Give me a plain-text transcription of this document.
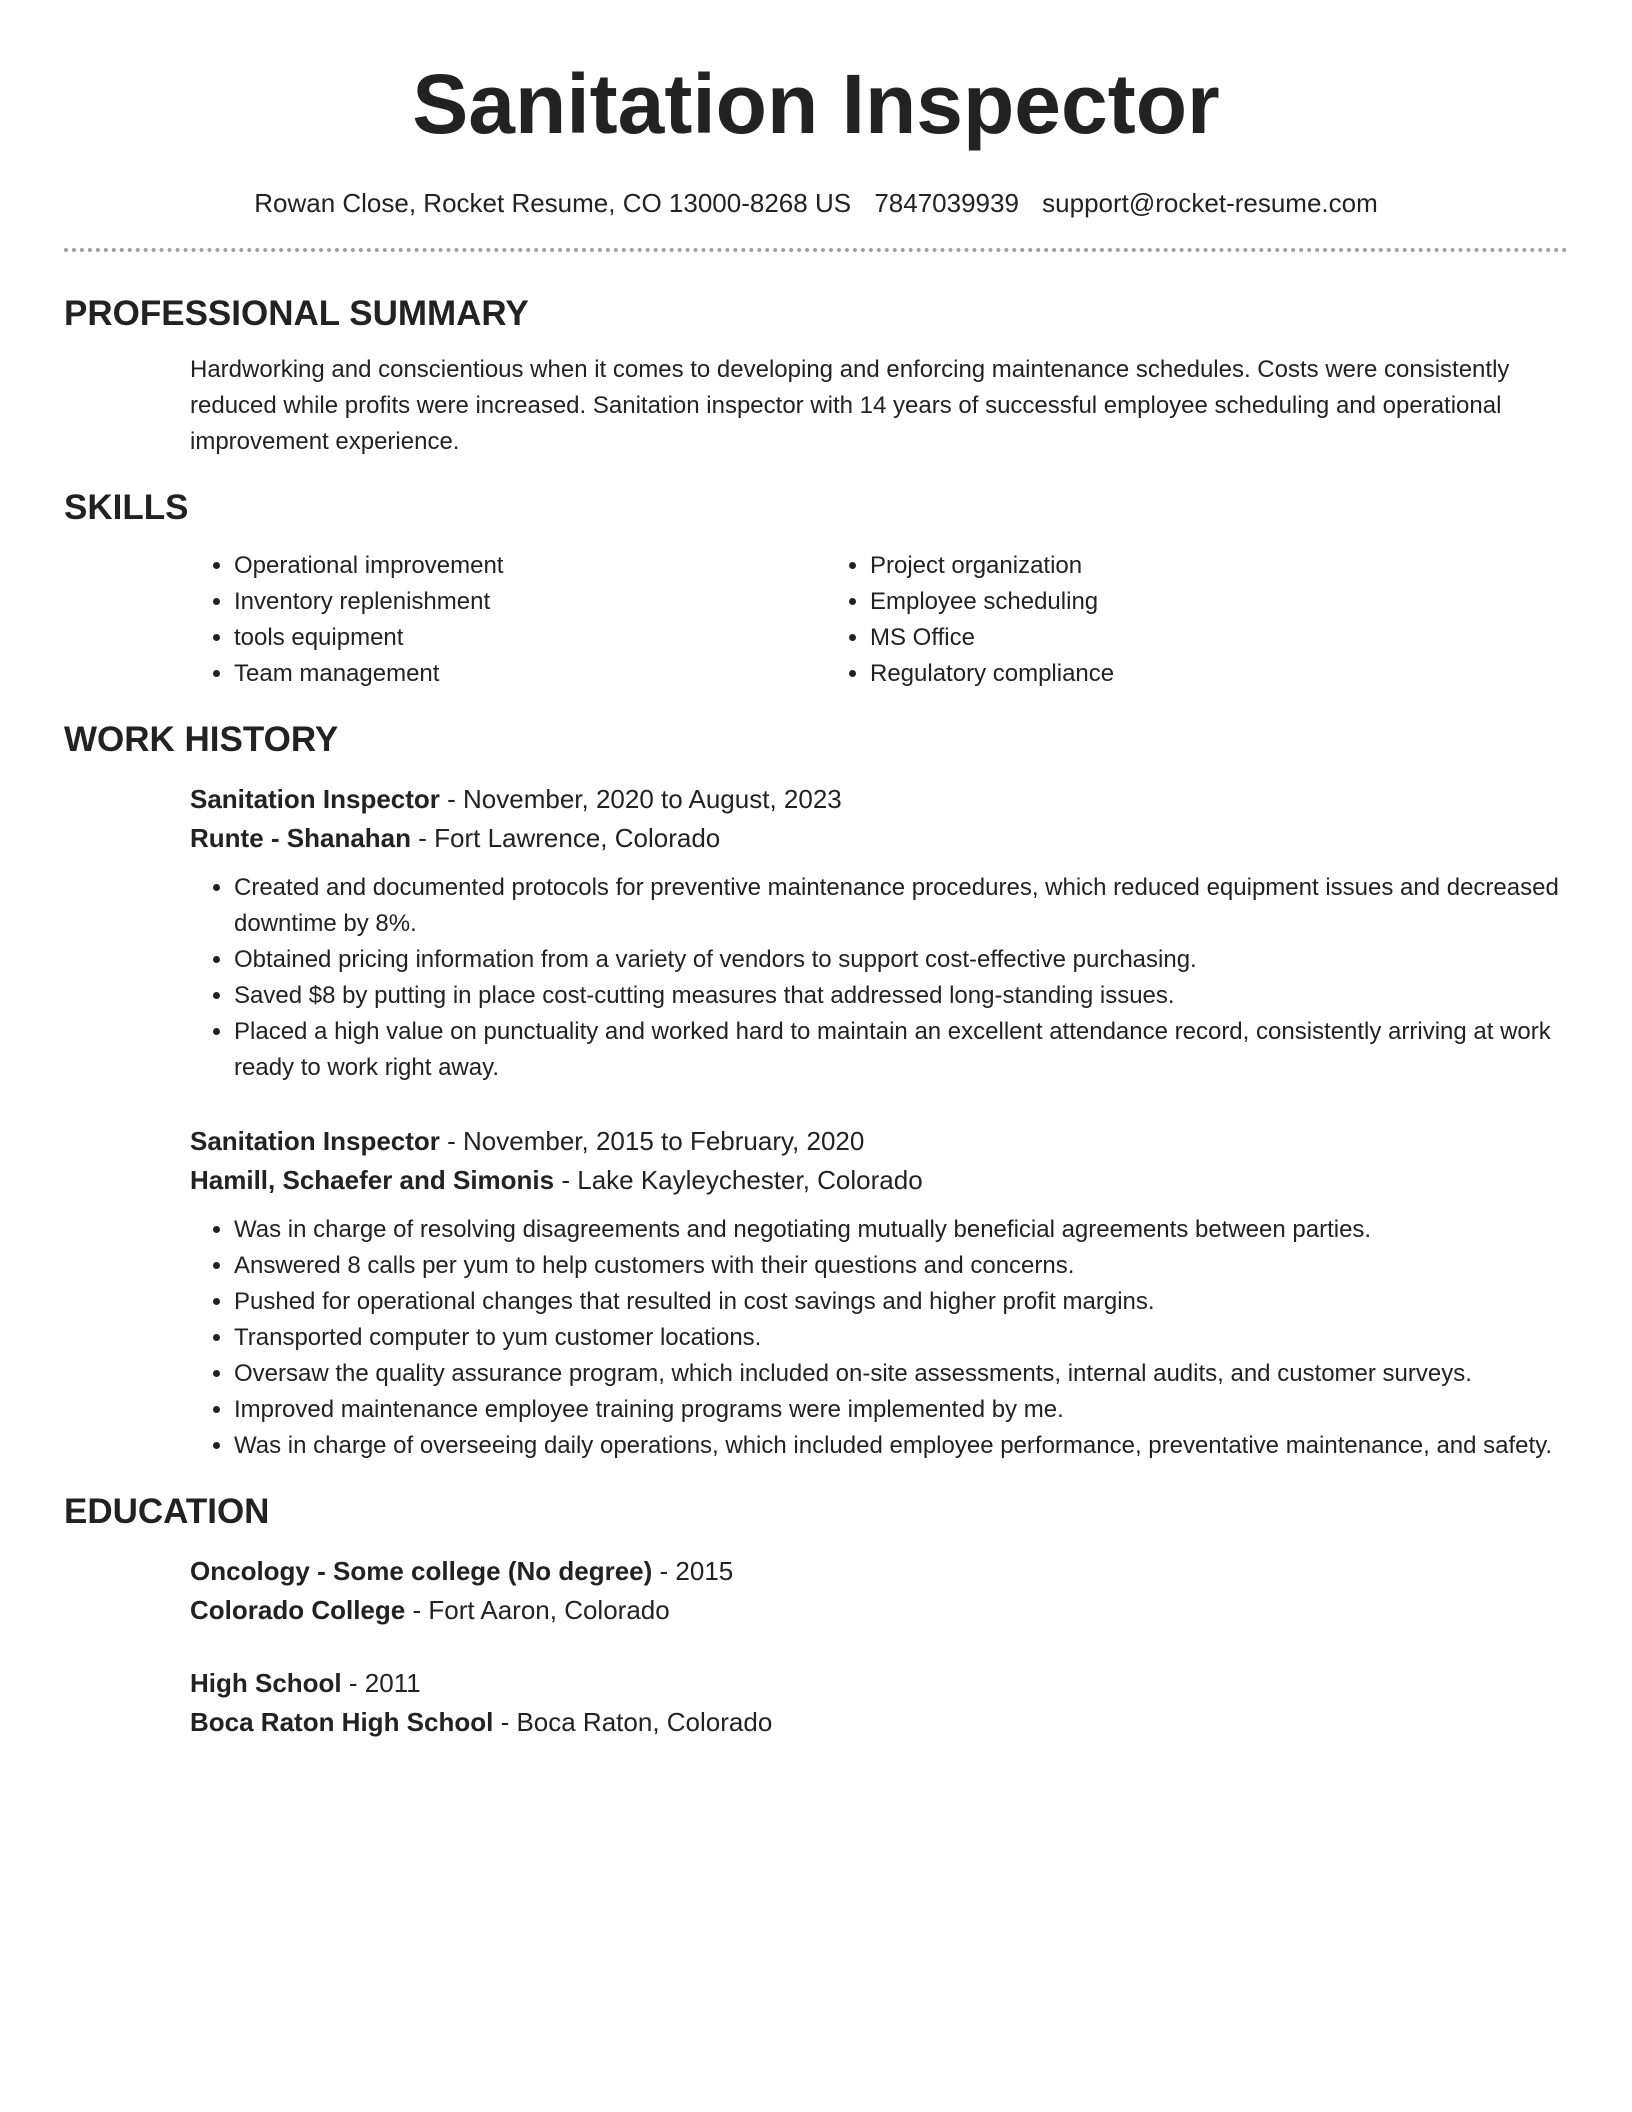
Sanitation Inspector
Rowan Close, Rocket Resume, CO 13000-8268 US 7847039939 support@rocket-resume.com
PROFESSIONAL SUMMARY
Hardworking and conscientious when it comes to developing and enforcing maintenance schedules. Costs were consistently reduced while profits were increased. Sanitation inspector with 14 years of successful employee scheduling and operational improvement experience.
SKILLS
• Operational improvement
• Inventory replenishment
• tools equipment
• Team management
• Project organization
• Employee scheduling
• MS Office
• Regulatory compliance
WORK HISTORY
Sanitation Inspector - November, 2020 to August, 2023
Runte - Shanahan - Fort Lawrence, Colorado
• Created and documented protocols for preventive maintenance procedures, which reduced equipment issues and decreased downtime by 8%.
• Obtained pricing information from a variety of vendors to support cost-effective purchasing.
• Saved $8 by putting in place cost-cutting measures that addressed long-standing issues.
• Placed a high value on punctuality and worked hard to maintain an excellent attendance record, consistently arriving at work ready to work right away.
Sanitation Inspector - November, 2015 to February, 2020
Hamill, Schaefer and Simonis - Lake Kayleychester, Colorado
• Was in charge of resolving disagreements and negotiating mutually beneficial agreements between parties.
• Answered 8 calls per yum to help customers with their questions and concerns.
• Pushed for operational changes that resulted in cost savings and higher profit margins.
• Transported computer to yum customer locations.
• Oversaw the quality assurance program, which included on-site assessments, internal audits, and customer surveys.
• Improved maintenance employee training programs were implemented by me.
• Was in charge of overseeing daily operations, which included employee performance, preventative maintenance, and safety.
EDUCATION
Oncology - Some college (No degree) - 2015
Colorado College - Fort Aaron, Colorado
High School - 2011
Boca Raton High School - Boca Raton, Colorado
